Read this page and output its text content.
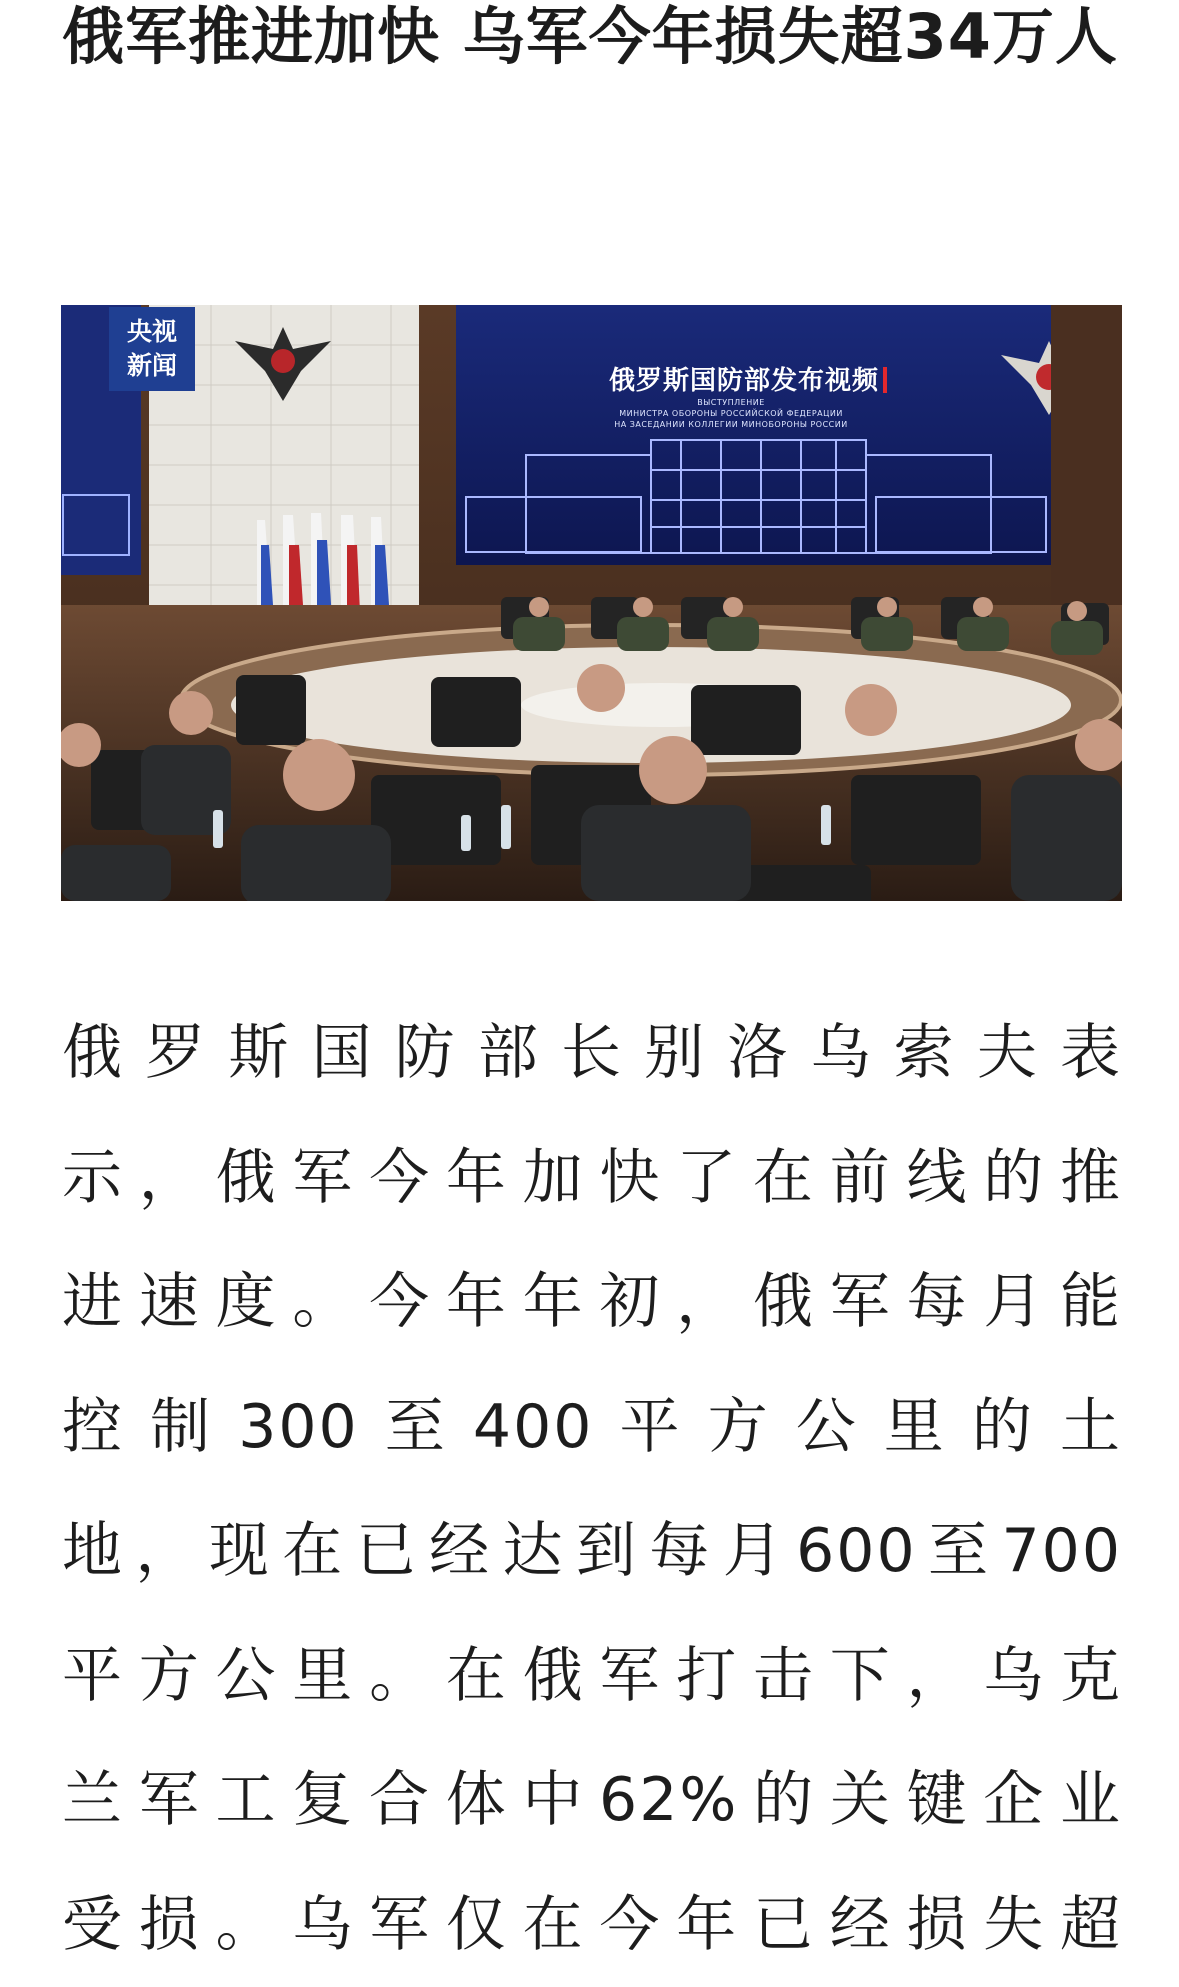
俄军推进加快 乌军今年损失超34万人
央视
新闻
俄罗斯国防部发布视频
ВЫСТУПЛЕНИЕ
МИНИСТРА ОБОРОНЫ РОССИЙСКОЙ ФЕДЕРАЦИИ
НА ЗАСЕДАНИИ КОЛЛЕГИИ МИНОБОРОНЫ РОССИИ
俄罗斯国防部长别洛乌索夫表
示，俄军今年加快了在前线的推
进速度。今年年初，俄军每月能
控制300至400平方公里的土
地，现在已经达到每月600至700
平方公里。在俄军打击下，乌克
兰军工复合体中62%的关键企业
受损。乌军仅在今年已经损失超
